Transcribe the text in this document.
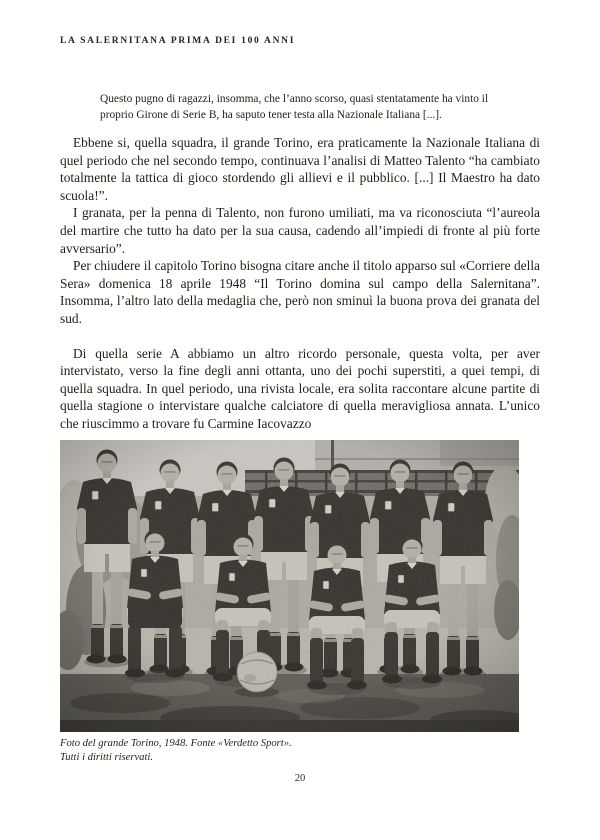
LA SALERNITANA PRIMA DEI 100 ANNI
Questo pugno di ragazzi, insomma, che l’anno scorso, quasi stentatamente ha vinto il proprio Girone di Serie B, ha saputo tener testa alla Nazionale Italiana [...].

Ebbene si, quella squadra, il grande Torino, era praticamente la Nazionale Italiana di quel periodo che nel secondo tempo, continuava l’analisi di Matteo Talento “ha cambiato totalmente la tattica di gioco stordendo gli allievi e il pubblico. [...] Il Maestro ha dato scuola!”.

I granata, per la penna di Talento, non furono umiliati, ma va riconosciuta “l’aureola del martire che tutto ha dato per la sua causa, cadendo all’impiedi di fronte al più forte avversario”.

Per chiudere il capitolo Torino bisogna citare anche il titolo apparso sul «Corriere della Sera» domenica 18 aprile 1948 “Il Torino domina sul campo della Salernitana”. Insomma, l’altro lato della medaglia che, però non sminuì la buona prova dei granata del sud.

Di quella serie A abbiamo un altro ricordo personale, questa volta, per aver intervistato, verso la fine degli anni ottanta, uno dei pochi superstiti, a quei tempi, di quella squadra. In quel periodo, una rivista locale, era solita raccontare alcune partite di quella stagione o intervistare qualche calciatore di quella meravigliosa annata. L’unico che riuscimmo a trovare fu Carmine Iacovazzo

Foto del grande Torino, 1948. Fonte «Verdetto Sport».
Tutti i diritti riservati.
20
